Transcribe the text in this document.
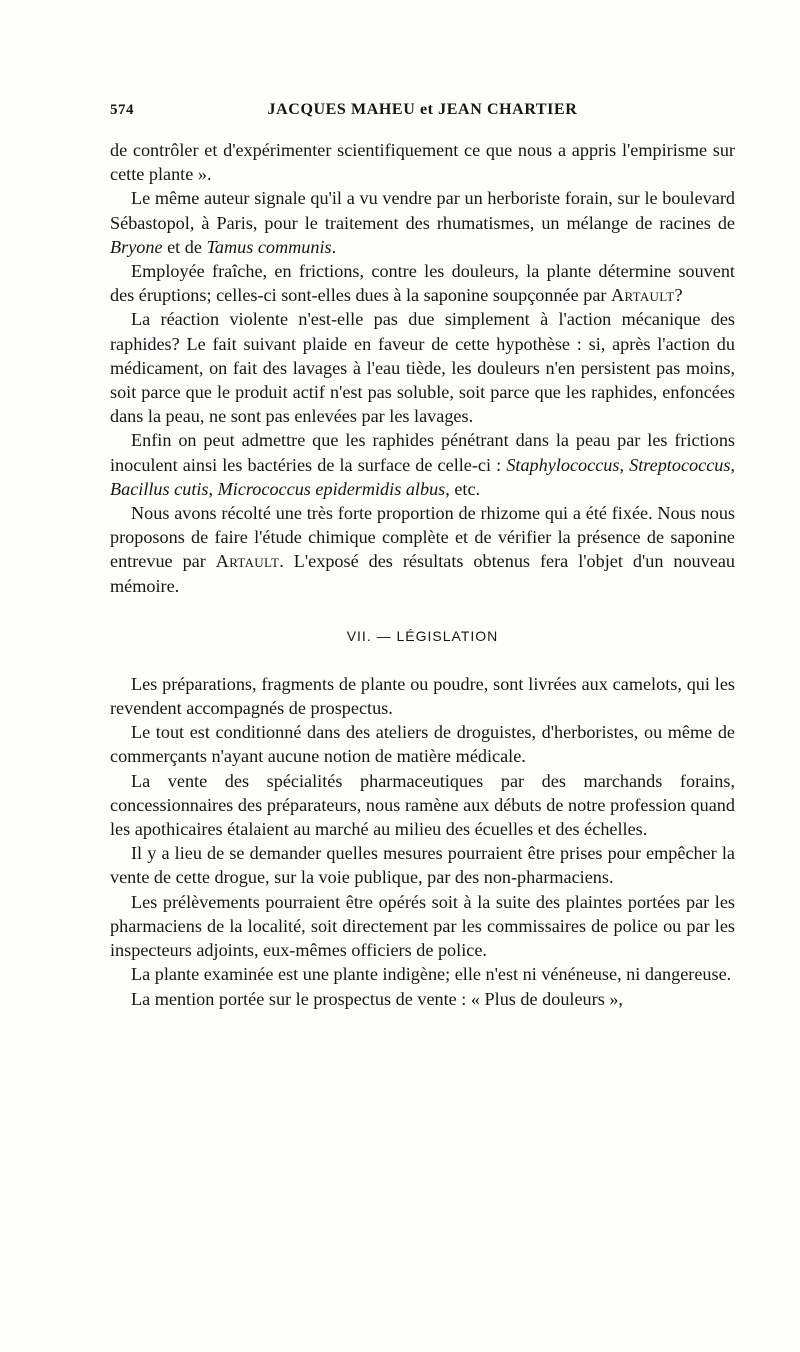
574	JACQUES MAHEU et JEAN CHARTIER

de contrôler et d'expérimenter scientifiquement ce que nous a appris l'empirisme sur cette plante ».

Le même auteur signale qu'il a vu vendre par un herboriste forain, sur le boulevard Sébastopol, à Paris, pour le traitement des rhumatismes, un mélange de racines de Bryone et de Tamus communis.

Employée fraîche, en frictions, contre les douleurs, la plante détermine souvent des éruptions; celles-ci sont-elles dues à la saponine soupçonnée par Artault?

La réaction violente n'est-elle pas due simplement à l'action mécanique des raphides? Le fait suivant plaide en faveur de cette hypothèse : si, après l'action du médicament, on fait des lavages à l'eau tiède, les douleurs n'en persistent pas moins, soit parce que le produit actif n'est pas soluble, soit parce que les raphides, enfoncées dans la peau, ne sont pas enlevées par les lavages.

Enfin on peut admettre que les raphides pénétrant dans la peau par les frictions inoculent ainsi les bactéries de la surface de celle-ci : Staphylococcus, Streptococcus, Bacillus cutis, Micrococcus epidermidis albus, etc.

Nous avons récolté une très forte proportion de rhizome qui a été fixée. Nous nous proposons de faire l'étude chimique complète et de vérifier la présence de saponine entrevue par Artault. L'exposé des résultats obtenus fera l'objet d'un nouveau mémoire.

VII. — LÉGISLATION

Les préparations, fragments de plante ou poudre, sont livrées aux camelots, qui les revendent accompagnés de prospectus.

Le tout est conditionné dans des ateliers de droguistes, d'herboristes, ou même de commerçants n'ayant aucune notion de matière médicale.

La vente des spécialités pharmaceutiques par des marchands forains, concessionnaires des préparateurs, nous ramène aux débuts de notre profession quand les apothicaires étalaient au marché au milieu des écuelles et des échelles.

Il y a lieu de se demander quelles mesures pourraient être prises pour empêcher la vente de cette drogue, sur la voie publique, par des non-pharmaciens.

Les prélèvements pourraient être opérés soit à la suite des plaintes portées par les pharmaciens de la localité, soit directement par les commissaires de police ou par les inspecteurs adjoints, eux-mêmes officiers de police.

La plante examinée est une plante indigène; elle n'est ni vénéneuse, ni dangereuse.

La mention portée sur le prospectus de vente : « Plus de douleurs »,
